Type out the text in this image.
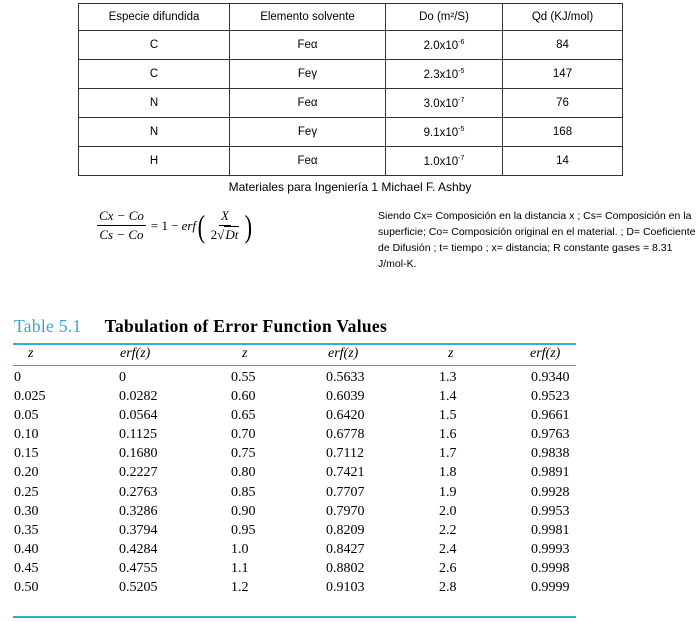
Especie difundida	Elemento solvente	Do (m²/S)	Qd (KJ/mol)
C	Feα	$2.0x10^{-6}$	84
C	Feγ	$2.3x10^{-5}$	147
N	Feα	$3.0x10^{-7}$	76
N	Feγ	$9.1x10^{-5}$	168
H	Feα	$1.0x10^{-7}$	14
Materiales para Ingeniería 1 Michael F. Ashby
$\frac{Cx - Co}{Cs - Co} = 1$ − erf ( $\frac{X}{2√Dt}$ )	Siendo Cx= Composición en la distancia x ; Cs= Composición en la superficie; Co= Composición original en el material. ; D= Coeficiente de Difusión ; t= tiempo ; x= distancia; R constante gases = 8.31 J/mol-K.
Table 5.1 Tabulation of Error Function Values
z	erf(z)	z	erf(z)	z	erf(z)
0	0	0.55	0.5633	1.3	0.9340
0.025	0.0282	0.60	0.6039	1.4	0.9523
0.05	0.0564	0.65	0.6420	1.5	0.9661
0.10	0.1125	0.70	0.6778	1.6	0.9763
0.15	0.1680	0.75	0.7112	1.7	0.9838
0.20	0.2227	0.80	0.7421	1.8	0.9891
0.25	0.2763	0.85	0.7707	1.9	0.9928
0.30	0.3286	0.90	0.7970	2.0	0.9953
0.35	0.3794	0.95	0.8209	2.2	0.9981
0.40	0.4284	1.0	0.8427	2.4	0.9993
0.45	0.4755	1.1	0.8802	2.6	0.9998
0.50	0.5205	1.2	0.9103	2.8	0.9999
